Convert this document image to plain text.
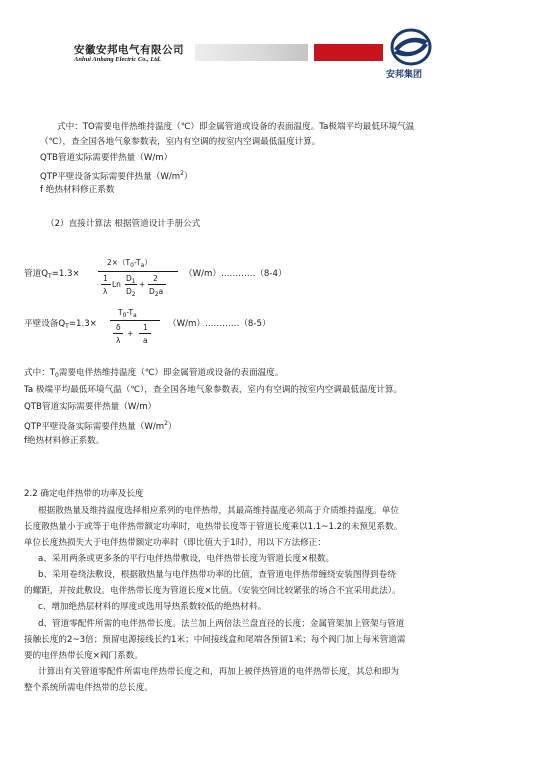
安徽安邦电气有限公司
Anhui Anbang Electric Co., Ltd.
安邦集团
式中：TO需要电伴热维持温度（℃）即金属管道或设备的表面温度。Ta极端平均最低环境气温
（℃），查全国各地气象参数表，室内有空调的按室内空调最低温度计算。
QTB管道实际需要伴热量（W/m）
QTP平壁设备实际需要伴热量$(W/m^2)$
f 绝热材料修正系数
（2）直接计算法 根据管道设计手册公式
管道$Q_T=1.3\times$
$2\times(T_0-T_a)$
1
λ
Ln
$D_1$
$D_2$
+
2
$D_2a$
（W/m）…………（8-4）
平壁设备$Q_T=1.3\times$
$T_0-T_a$
δ
λ
+
1
a
（W/m）…………（8-5）
式中：$T_0$需要电伴热维持温度（℃）即金属管道或设备的表面温度。
Ta 极端平均最低环境气温（℃），查全国各地气象参数表，室内有空调的按室内空调最低温度计算。
QTB管道实际需要伴热量（W/m）
QTP平壁设备实际需要伴热量$(W/m^2)$
f绝热材料修正系数。
2.2 确定电伴热带的功率及长度
根据散热量及维持温度选择相应系列的电伴热带，其最高维持温度必须高于介质维持温度。单位
长度散热量小于或等于电伴热带额定功率时，电热带长度等于管道长度乘以1.1~1.2的未预见系数。
单位长度热损失大于电伴热带额定功率时（即比值大于1时），用以下方法修正：
a、采用两条或更多条的平行电伴热带敷设，电伴热带长度为管道长度×根数。
b、采用卷绕法敷设，根据散热量与电伴热带功率的比值，查管道电伴热带缠绕安装图得到卷绕
的螺距，并按此敷设。电伴热带长度为管道长度×比值。（安装空间比较紧张的场合不宜采用此法）。
c、增加绝热层材料的厚度或选用导热系数较低的绝热材料。
d、管道零配件所需的电伴热带长度。法兰加上两倍法兰盘直径的长度；金属管架加上管架与管道
接触长度的2~3倍；预留电源接线长约1米；中间接线盒和尾端各预留1米；每个阀门加上每米管道需
要的电伴热带长度×阀门系数。
计算出有关管道零配件所需电伴热带长度之和，再加上被伴热管道的电伴热带长度，其总和即为
整个系统所需电伴热带的总长度。
